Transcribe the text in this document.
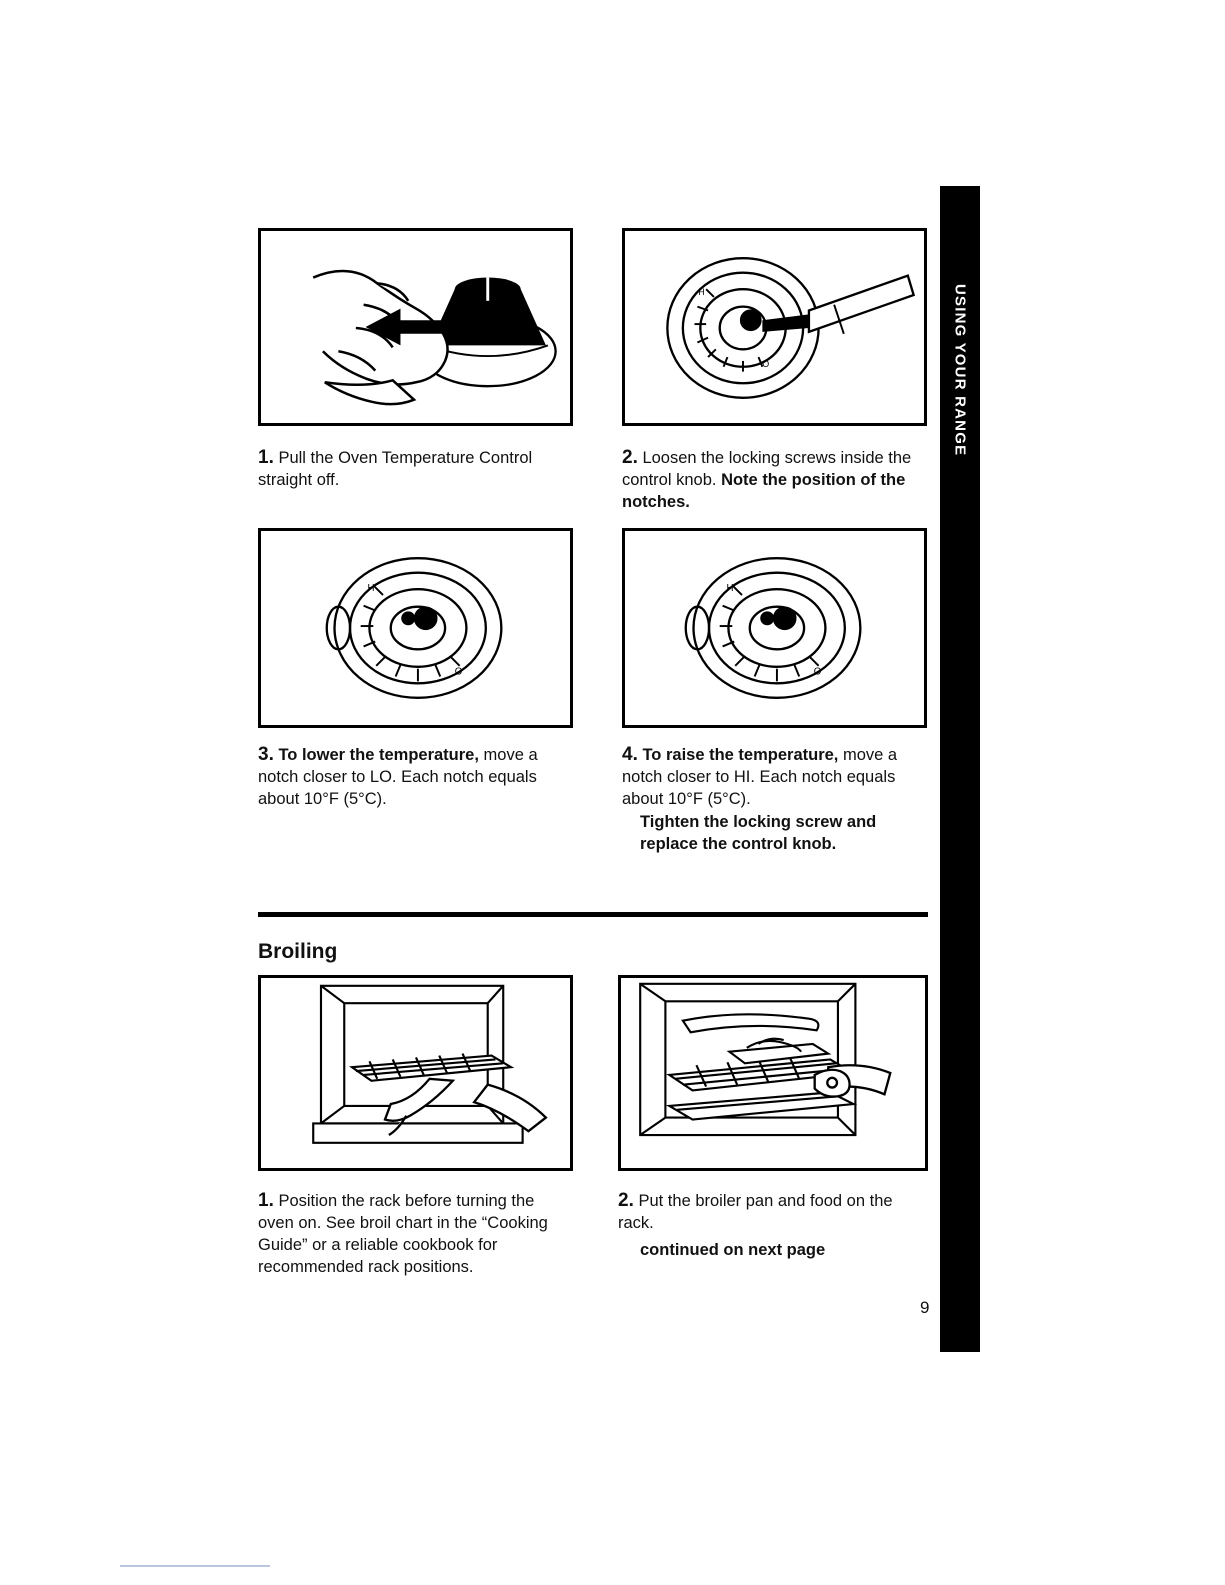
H
O
1. Pull the Oven Temperature Control straight off.
2. Loosen the locking screws inside the control knob. Note the position of the notches.
H
O
H
O
3. To lower the temperature, move a notch closer to LO. Each notch equals about 10°F (5°C).
4. To raise the temperature, move a notch closer to HI. Each notch equals about 10°F (5°C).
Tighten the locking screw and replace the control knob.
Broiling
1. Position the rack before turning the oven on. See broil chart in the “Cooking Guide” or a reliable cookbook for recommended rack positions.
2. Put the broiler pan and food on the rack.
continued on next page
9
USING YOUR RANGE
